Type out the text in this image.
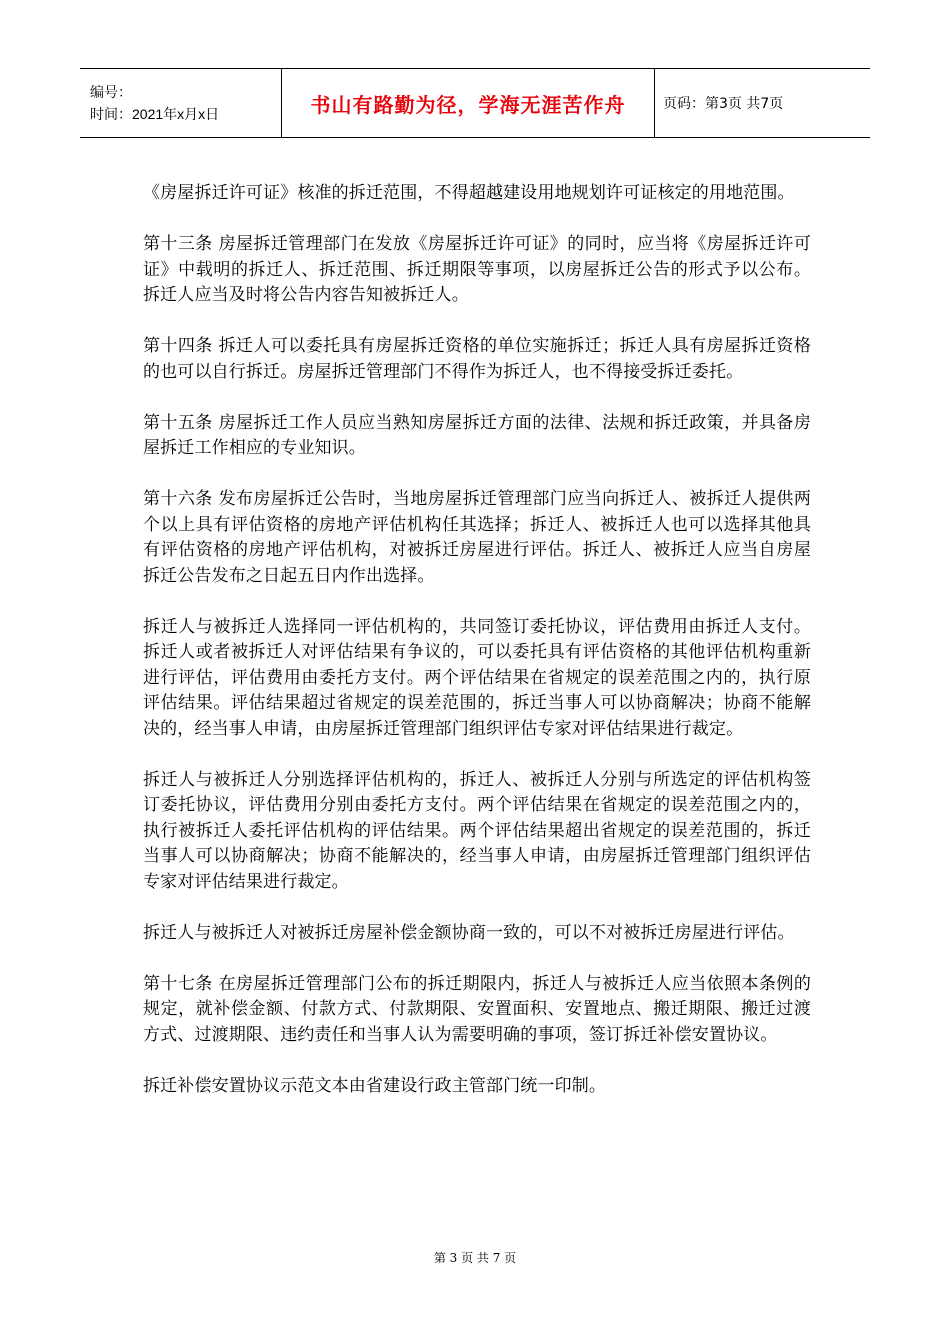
编号：
时间：2021年x月x日	书山有路勤为径，学海无涯苦作舟	页码：第3页 共7页

《房屋拆迁许可证》核准的拆迁范围，不得超越建设用地规划许可证核定的用地范围。

第十三条 房屋拆迁管理部门在发放《房屋拆迁许可证》的同时，应当将《房屋拆迁许可证》中载明的拆迁人、拆迁范围、拆迁期限等事项，以房屋拆迁公告的形式予以公布。拆迁人应当及时将公告内容告知被拆迁人。

第十四条 拆迁人可以委托具有房屋拆迁资格的单位实施拆迁；拆迁人具有房屋拆迁资格的也可以自行拆迁。房屋拆迁管理部门不得作为拆迁人，也不得接受拆迁委托。

第十五条 房屋拆迁工作人员应当熟知房屋拆迁方面的法律、法规和拆迁政策，并具备房屋拆迁工作相应的专业知识。

第十六条 发布房屋拆迁公告时，当地房屋拆迁管理部门应当向拆迁人、被拆迁人提供两个以上具有评估资格的房地产评估机构任其选择；拆迁人、被拆迁人也可以选择其他具有评估资格的房地产评估机构，对被拆迁房屋进行评估。拆迁人、被拆迁人应当自房屋拆迁公告发布之日起五日内作出选择。

拆迁人与被拆迁人选择同一评估机构的，共同签订委托协议，评估费用由拆迁人支付。拆迁人或者被拆迁人对评估结果有争议的，可以委托具有评估资格的其他评估机构重新进行评估，评估费用由委托方支付。两个评估结果在省规定的误差范围之内的，执行原评估结果。评估结果超过省规定的误差范围的，拆迁当事人可以协商解决；协商不能解决的，经当事人申请，由房屋拆迁管理部门组织评估专家对评估结果进行裁定。

拆迁人与被拆迁人分别选择评估机构的，拆迁人、被拆迁人分别与所选定的评估机构签订委托协议，评估费用分别由委托方支付。两个评估结果在省规定的误差范围之内的，执行被拆迁人委托评估机构的评估结果。两个评估结果超出省规定的误差范围的，拆迁当事人可以协商解决；协商不能解决的，经当事人申请，由房屋拆迁管理部门组织评估专家对评估结果进行裁定。

拆迁人与被拆迁人对被拆迁房屋补偿金额协商一致的，可以不对被拆迁房屋进行评估。

第十七条 在房屋拆迁管理部门公布的拆迁期限内，拆迁人与被拆迁人应当依照本条例的规定，就补偿金额、付款方式、付款期限、安置面积、安置地点、搬迁期限、搬迁过渡方式、过渡期限、违约责任和当事人认为需要明确的事项，签订拆迁补偿安置协议。

拆迁补偿安置协议示范文本由省建设行政主管部门统一印制。

第 3 页 共 7 页
